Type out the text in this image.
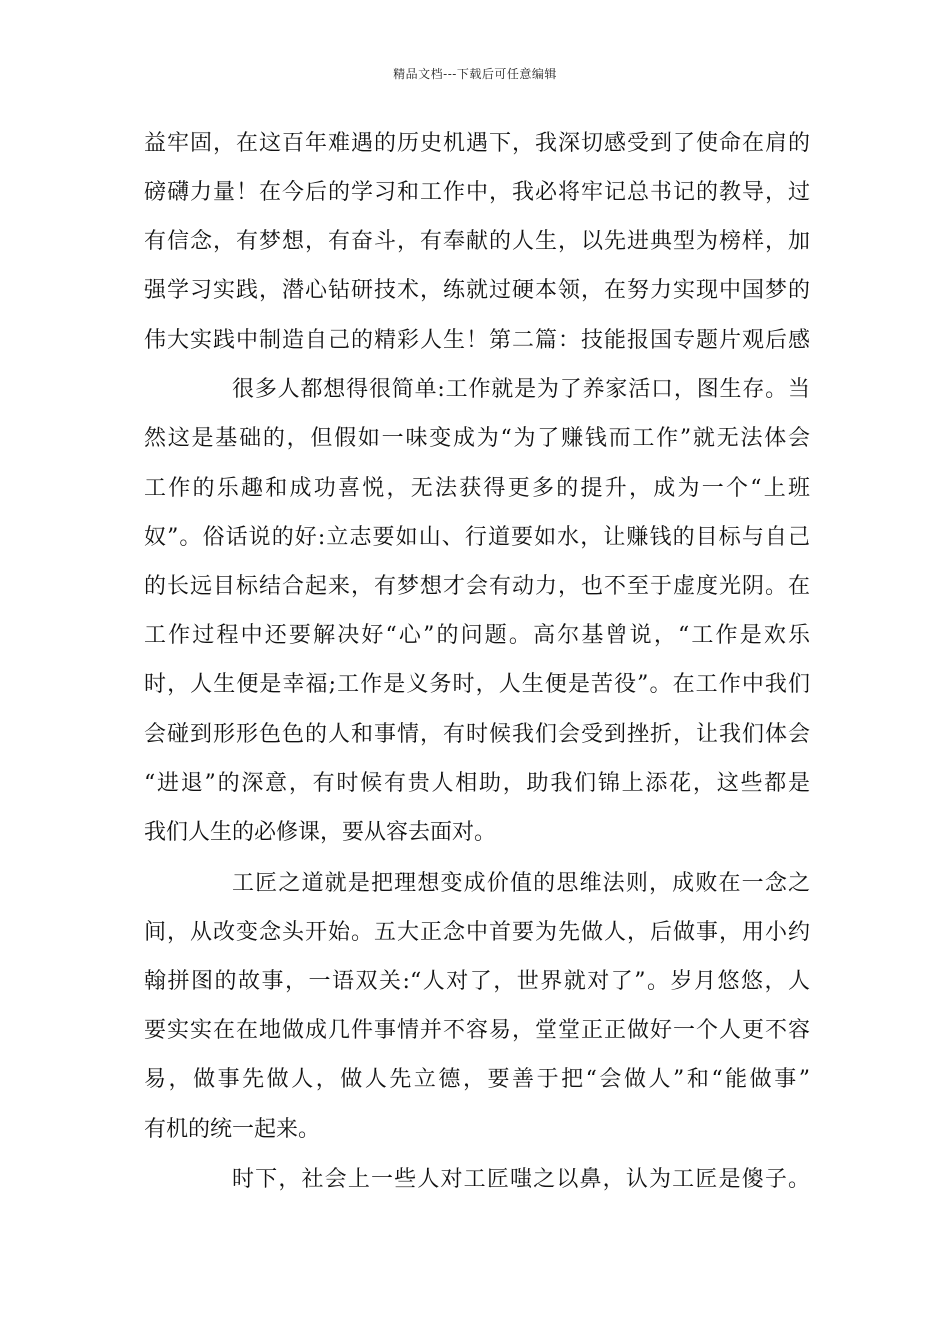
精品文档---下载后可任意编辑
益牢固，在这百年难遇的历史机遇下，我深切感受到了使命在肩的
磅礴力量！在今后的学习和工作中，我必将牢记总书记的教导，过
有信念，有梦想，有奋斗，有奉献的人生，以先进典型为榜样，加
强学习实践，潜心钻研技术，练就过硬本领，在努力实现中国梦的
伟大实践中制造自己的精彩人生！第二篇：技能报国专题片观后感
很多人都想得很简单:工作就是为了养家活口，图生存。当
然这是基础的，但假如一味变成为“为了赚钱而工作”就无法体会
工作的乐趣和成功喜悦，无法获得更多的提升，成为一个“上班
奴”。俗话说的好:立志要如山、行道要如水，让赚钱的目标与自己
的长远目标结合起来，有梦想才会有动力，也不至于虚度光阴。在
工作过程中还要解决好“心”的问题。高尔基曾说，“工作是欢乐
时，人生便是幸福;工作是义务时，人生便是苦役”。在工作中我们
会碰到形形色色的人和事情，有时候我们会受到挫折，让我们体会
“进退”的深意，有时候有贵人相助，助我们锦上添花，这些都是
我们人生的必修课，要从容去面对。
工匠之道就是把理想变成价值的思维法则，成败在一念之
间，从改变念头开始。五大正念中首要为先做人，后做事，用小约
翰拼图的故事，一语双关:“人对了，世界就对了”。岁月悠悠，人
要实实在在地做成几件事情并不容易，堂堂正正做好一个人更不容
易，做事先做人，做人先立德，要善于把“会做人”和“能做事”
有机的统一起来。
时下，社会上一些人对工匠嗤之以鼻，认为工匠是傻子。
